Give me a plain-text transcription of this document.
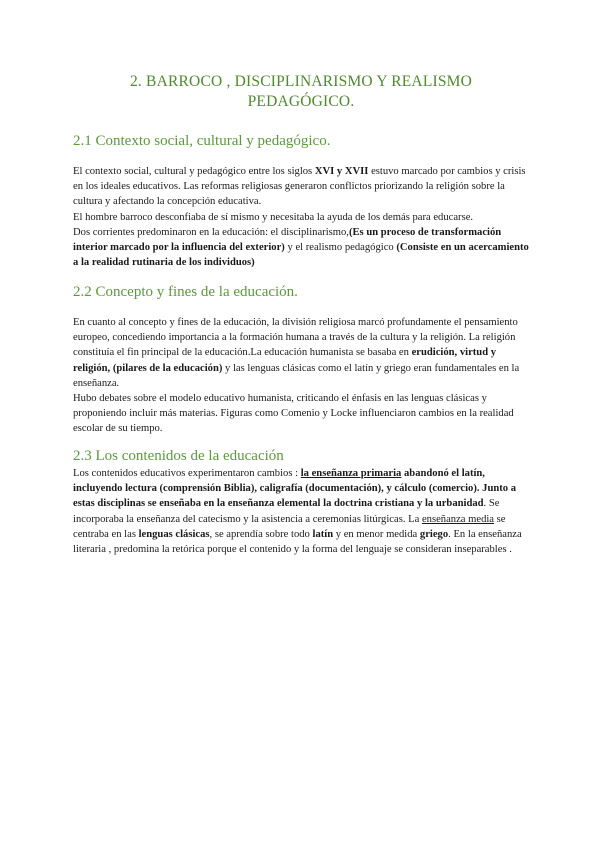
2. BARROCO , DISCIPLINARISMO Y REALISMO
PEDAGÓGICO.
2.1 Contexto social, cultural y pedagógico.
El contexto social, cultural y pedagógico entre los siglos XVI y XVII estuvo marcado por cambios y crisis en los ideales educativos. Las reformas religiosas generaron conflictos priorizando la religión sobre la cultura y afectando la concepción educativa.
El hombre barroco desconfiaba de sí mismo y necesitaba la ayuda de los demás para educarse.
Dos corrientes predominaron en la educación: el disciplinarismo,(Es un proceso de transformación interior marcado por la influencia del exterior) y el realismo pedagógico (Consiste en un acercamiento a la realidad rutinaria de los individuos)
2.2 Concepto y fines de la educación.
En cuanto al concepto y fines de la educación, la división religiosa marcó profundamente el pensamiento europeo, concediendo importancia a la formación humana a través de la cultura y la religión. La religión constituía el fin principal de la educación.La educación humanista se basaba en erudición, virtud y religión, (pilares de la educación) y las lenguas clásicas como el latín y griego eran fundamentales en la enseñanza.
Hubo debates sobre el modelo educativo humanista, criticando el énfasis en las lenguas clásicas y proponiendo incluir más materias. Figuras como Comenio y Locke influenciaron cambios en la realidad escolar de su tiempo.
2.3 Los contenidos de la educación
Los contenidos educativos experimentaron cambios : la enseñanza primaria abandonó el latín, incluyendo lectura (comprensión Biblia), caligrafía (documentación), y cálculo (comercio). Junto a estas disciplinas se enseñaba en la enseñanza elemental la doctrina cristiana y la urbanidad. Se incorporaba la enseñanza del catecismo y la asistencia a ceremonias litúrgicas. La enseñanza media se centraba en las lenguas clásicas, se aprendía sobre todo latín y en menor medida griego. En la enseñanza literaria , predomina la retórica porque el contenido y la forma del lenguaje se consideran inseparables .
